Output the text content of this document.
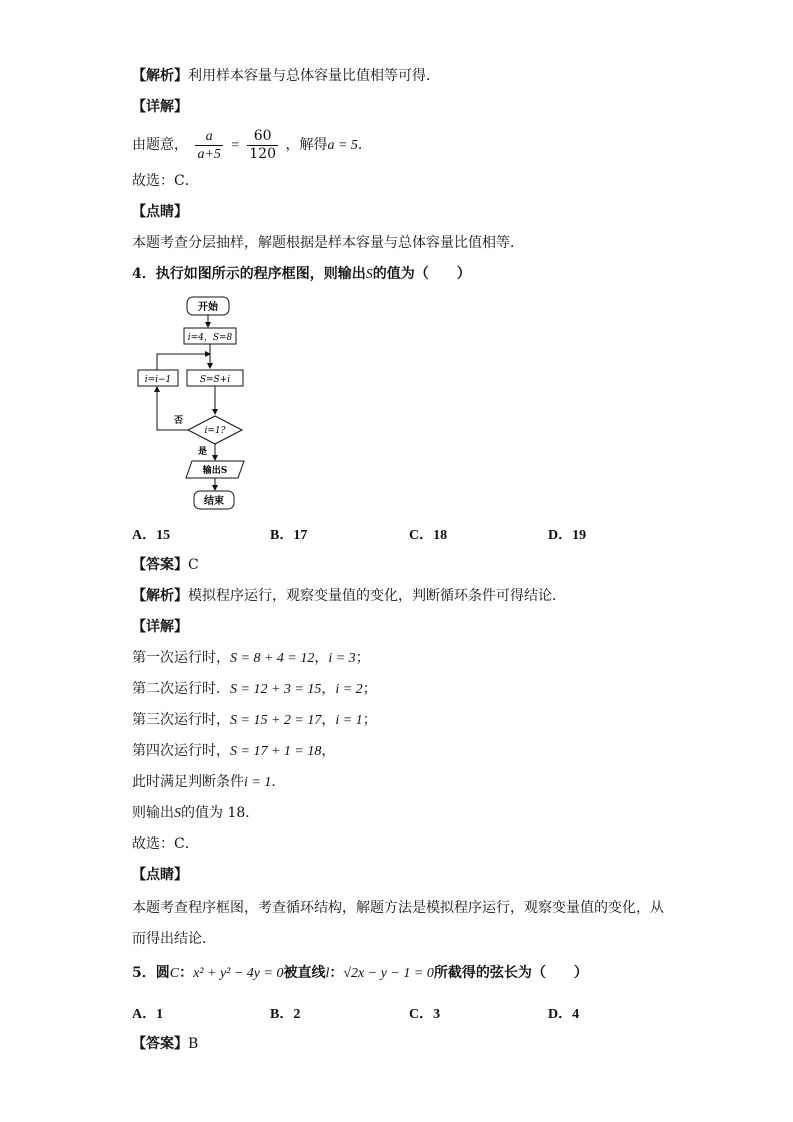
【解析】利用样本容量与总体容量比值相等可得．
【详解】
由题意， $\frac{a}{a+5} = \frac{60}{120}$ ，解得a = 5．
故选：C．
【点睛】
本题考查分层抽样，解题根据是样本容量与总体容量比值相等．
4．执行如图所示的程序框图，则输出S的值为（　　）
开始
i=4，S=8
S=S+i
i=i−1
i=1?
否
是
输出S
结束
A．15	B．17	C．18	D．19
【答案】C
【解析】模拟程序运行，观察变量值的变化，判断循环条件可得结论．
【详解】
第一次运行时，S = 8 + 4 = 12，i = 3；
第二次运行时．S = 12 + 3 = 15，i = 2；
第三次运行时，S = 15 + 2 = 17，i = 1；
第四次运行时，S = 17 + 1 = 18，
此时满足判断条件i = 1．
则输出S的值为 18．
故选：C．
【点睛】
本题考查程序框图，考查循环结构，解题方法是模拟程序运行，观察变量值的变化，从
而得出结论．
5．圆C：x² + y² − 4y = 0被直线l：√2x − y − 1 = 0所截得的弦长为（　　）
A．1	B．2	C．3	D．4
【答案】B
